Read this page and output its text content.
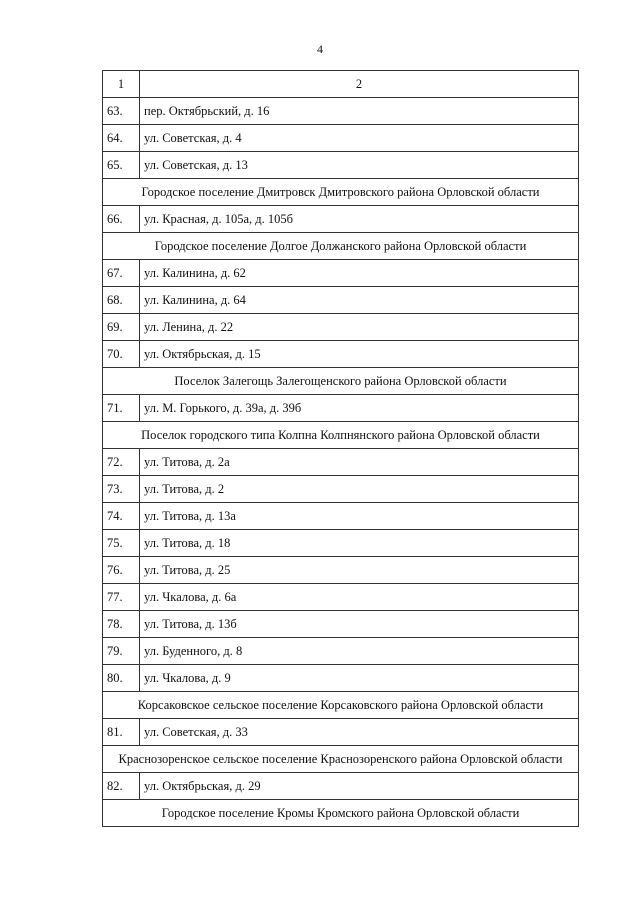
4
1	2
63.	пер. Октябрьский, д. 16
64.	ул. Советская, д. 4
65.	ул. Советская, д. 13
Городское поселение Дмитровск Дмитровского района Орловской области	
66.	ул. Красная, д. 105а, д. 105б
Городское поселение Долгое Должанского района Орловской области	
67.	ул. Калинина, д. 62
68.	ул. Калинина, д. 64
69.	ул. Ленина, д. 22
70.	ул. Октябрьская, д. 15
Поселок Залегощь Залегощенского района Орловской области	
71.	ул. М. Горького, д. 39а, д. 39б
Поселок городского типа Колпна Колпнянского района Орловской области	
72.	ул. Титова, д. 2а
73.	ул. Титова, д. 2
74.	ул. Титова, д. 13а
75.	ул. Титова, д. 18
76.	ул. Титова, д. 25
77.	ул. Чкалова, д. 6а
78.	ул. Титова, д. 13б
79.	ул. Буденного, д. 8
80.	ул. Чкалова, д. 9
Корсаковское сельское поселение Корсаковского района Орловской области	
81.	ул. Советская, д. 33
Краснозоренское сельское поселение Краснозоренского района Орловской области	
82.	ул. Октябрьская, д. 29
Городское поселение Кромы Кромского района Орловской области	
